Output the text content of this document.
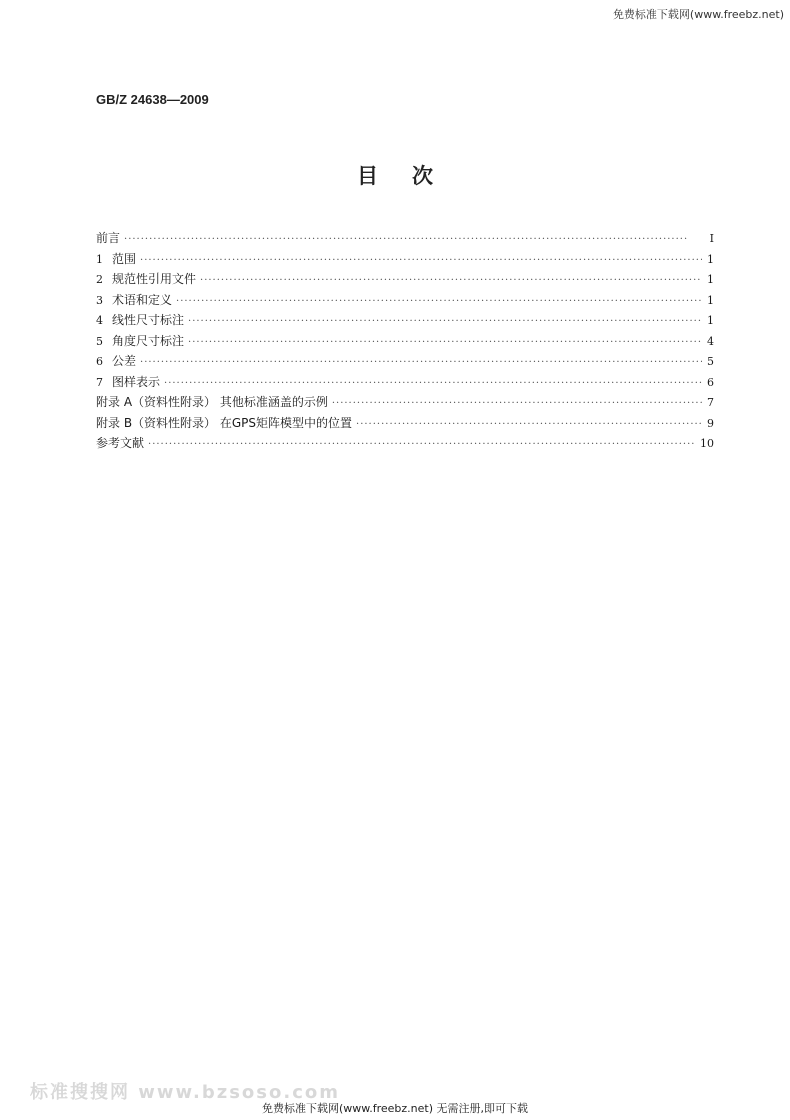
免费标准下载网(www.freebz.net)
GB/Z 24638—2009
目次
前言 ·····	Ⅰ
1 范围 ·····	1
2 规范性引用文件 ·····	1
3 术语和定义 ·····	1
4 线性尺寸标注 ·····	1
5 角度尺寸标注 ·····	4
6 公差 ·····	5
7 图样表示 ·····	6
附录 A（资料性附录） 其他标准涵盖的示例 ·····	7
附录 B（资料性附录） 在GPS矩阵模型中的位置 ·····	9
参考文献 ·····	10
标准搜搜网 www.bzsoso.com
免费标准下载网(www.freebz.net) 无需注册,即可下载
